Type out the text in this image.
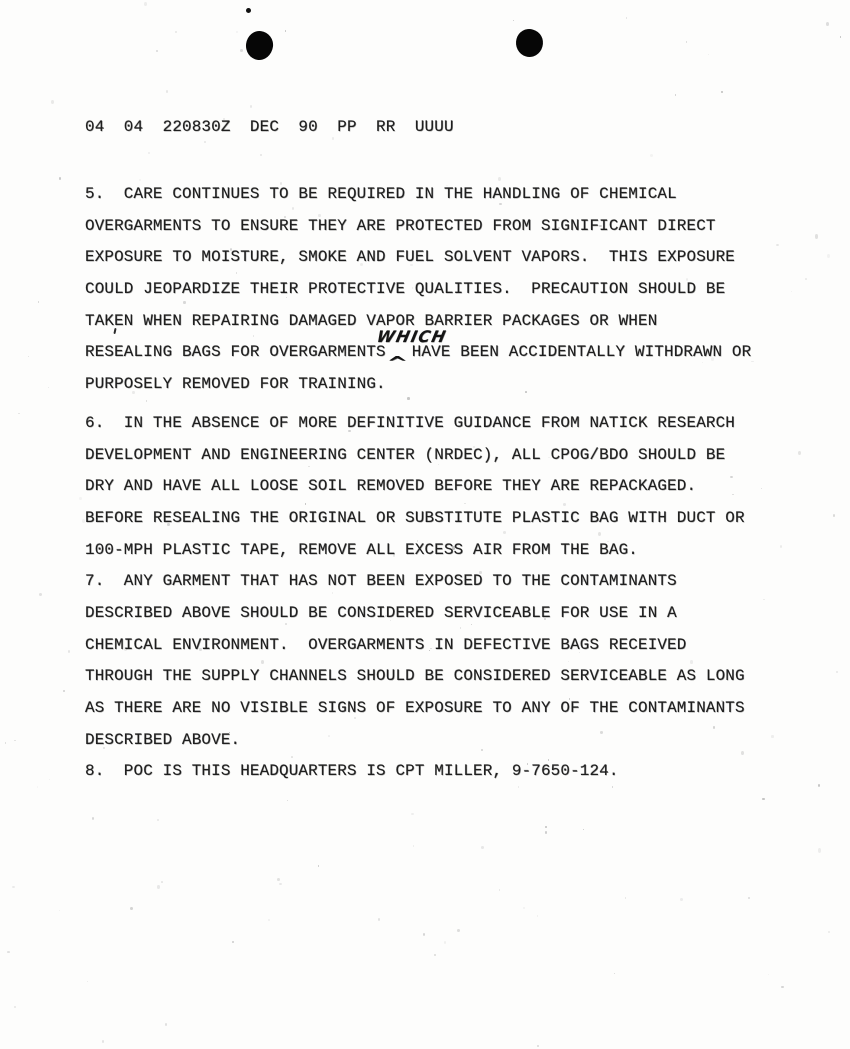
04  04  220830Z  DEC  90  PP  RR  UUUU
5.  CARE CONTINUES TO BE REQUIRED IN THE HANDLING OF CHEMICAL
OVERGARMENTS TO ENSURE THEY ARE PROTECTED FROM SIGNIFICANT DIRECT
EXPOSURE TO MOISTURE, SMOKE AND FUEL SOLVENT VAPORS.  THIS EXPOSURE
COULD JEOPARDIZE THEIR PROTECTIVE QUALITIES.  PRECAUTION SHOULD BE
TAKEN WHEN REPAIRING DAMAGED VAPOR BARRIER PACKAGES OR WHEN
RESEALING BAGS FOR OVERGARMENTS HAVE BEEN ACCIDENTALLY WITHDRAWN OR
WHICH
^
PURPOSELY REMOVED FOR TRAINING.
6.  IN THE ABSENCE OF MORE DEFINITIVE GUIDANCE FROM NATICK RESEARCH
DEVELOPMENT AND ENGINEERING CENTER (NRDEC), ALL CPOG/BDO SHOULD BE
DRY AND HAVE ALL LOOSE SOIL REMOVED BEFORE THEY ARE REPACKAGED.
BEFORE RESEALING THE ORIGINAL OR SUBSTITUTE PLASTIC BAG WITH DUCT OR
100-MPH PLASTIC TAPE, REMOVE ALL EXCESS AIR FROM THE BAG.
7.  ANY GARMENT THAT HAS NOT BEEN EXPOSED TO THE CONTAMINANTS
DESCRIBED ABOVE SHOULD BE CONSIDERED SERVICEABLE FOR USE IN A
CHEMICAL ENVIRONMENT.  OVERGARMENTS IN DEFECTIVE BAGS RECEIVED
THROUGH THE SUPPLY CHANNELS SHOULD BE CONSIDERED SERVICEABLE AS LONG
AS THERE ARE NO VISIBLE SIGNS OF EXPOSURE TO ANY OF THE CONTAMINANTS
DESCRIBED ABOVE.
8.  POC IS THIS HEADQUARTERS IS CPT MILLER, 9-7650-124.
